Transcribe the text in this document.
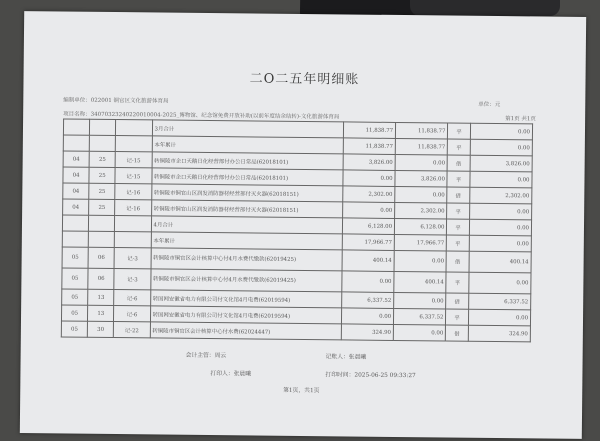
二O二五年明细账
编制单位：022001 铜官区文化旅游体育局
单位：元
项目名称：34070323240220010004-2025_博物馆、纪念馆免费开放补助(以前年度结余结转)-文化旅游体育局	第1页 共1页
			3月合计	11,838.77	11,838.77	平	0.00
			本年累计	11,838.77	11,838.77	平	0.00
04	25	记-15	转铜陵市企口天鹅日化经营部付办公日常品(62018101)	3,826.00	0.00	借	3,826.00
04	25	记-15	转铜陵市企口天鹅日化经营部付办公日常品(62018101)	0.00	3,826.00	平	0.00
04	25	记-16	转铜陵市铜官山区润发消防器材经营部付灭火器(62018151)	2,302.00	0.00	借	2,302.00
04	25	记-16	转铜陵市铜官山区润发消防器材经营部付灭火器(62018151)	0.00	2,302.00	平	0.00
			4月合计	6,128.00	6,128.00	平	0.00
			本年累计	17,966.77	17,966.77	平	0.00
05	06	记-3	转铜陵市铜官区会计核算中心付4月水费代缴款(62019425)	400.14	0.00	借	400.14
05	06	记-3	转铜陵市铜官区会计核算中心付4月水费代缴款(62019425)	0.00	400.14	平	0.00
05	13	记-6	转国网安徽省电力有限公司付文化馆4月电费(62019594)	6,337.52	0.00	借	6,337.52
05	13	记-6	转国网安徽省电力有限公司付文化馆4月电费(62019594)	0.00	6,337.52	平	0.00
05	30	记-22	转铜陵市铜官区会计核算中心付水费(62024447)	324.90	0.00	借	324.90
会计主管：周云	记账人：张晨曦
打印人：张晨曦	打印时间：2025-06-25 09:33:27
第1页，共1页
